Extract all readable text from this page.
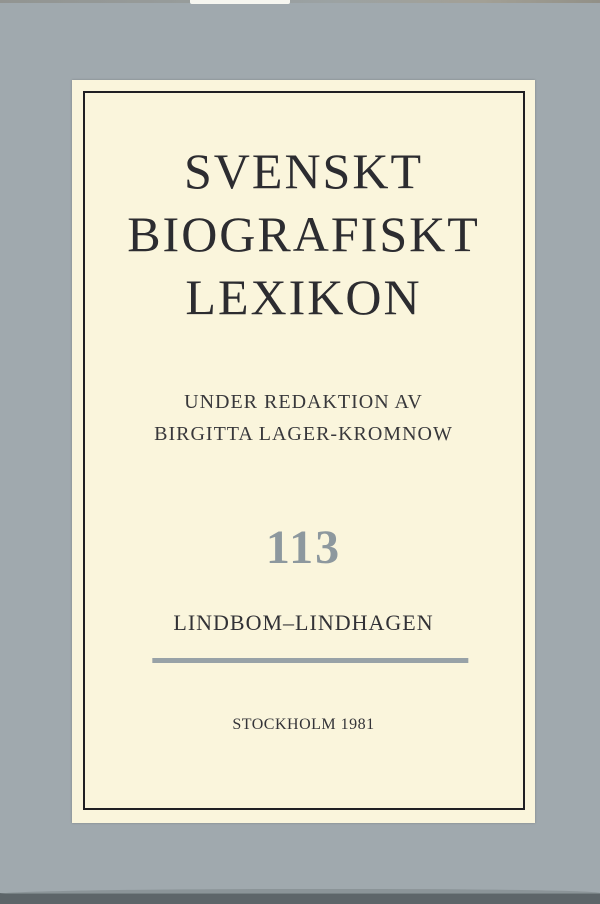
SVENSKT
BIOGRAFISKT
LEXIKON
UNDER REDAKTION AV
BIRGITTA LAGER-KROMNOW
113
LINDBOM–LINDHAGEN
STOCKHOLM 1981
